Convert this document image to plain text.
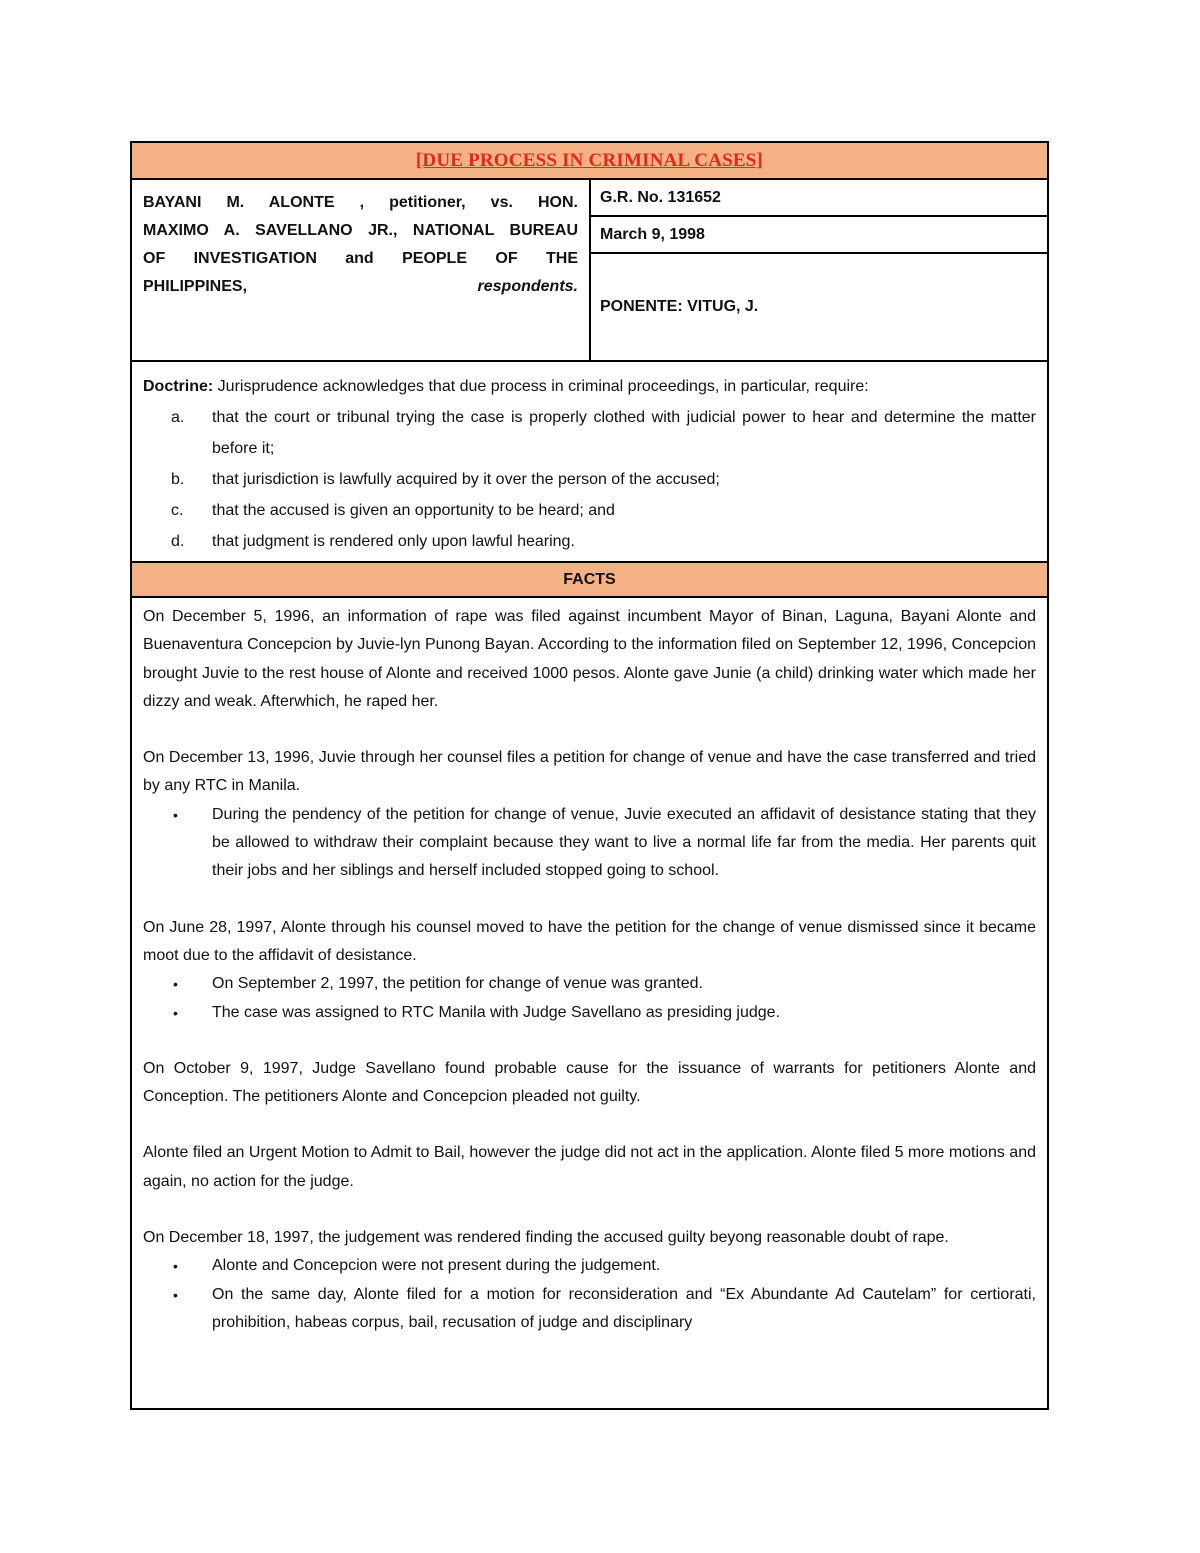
[DUE PROCESS IN CRIMINAL CASES]
BAYANI M. ALONTE , petitioner, vs. HON.
MAXIMO A. SAVELLANO JR., NATIONAL BUREAU
OF INVESTIGATION and PEOPLE OF THE
PHILIPPINES,	respondents.
G.R. No. 131652
March 9, 1998
PONENTE: VITUG, J.
Doctrine: Jurisprudence acknowledges that due process in criminal proceedings, in particular, require:
a.	that the court or tribunal trying the case is properly clothed with judicial power to hear and determine the matter before it;
b.	that jurisdiction is lawfully acquired by it over the person of the accused;
c.	that the accused is given an opportunity to be heard; and
d.	that judgment is rendered only upon lawful hearing.
FACTS

On December 5, 1996, an information of rape was filed against incumbent Mayor of Binan, Laguna, Bayani Alonte and Buenaventura Concepcion by Juvie-lyn Punong Bayan. According to the information filed on September 12, 1996, Concepcion brought Juvie to the rest house of Alonte and received 1000 pesos. Alonte gave Junie (a child) drinking water which made her dizzy and weak. Afterwhich, he raped her.

On December 13, 1996, Juvie through her counsel files a petition for change of venue and have the case transferred and tried by any RTC in Manila.

•	During the pendency of the petition for change of venue, Juvie executed an affidavit of desistance stating that they be allowed to withdraw their complaint because they want to live a normal life far from the media. Her parents quit their jobs and her siblings and herself included stopped going to school.

On June 28, 1997, Alonte through his counsel moved to have the petition for the change of venue dismissed since it became moot due to the affidavit of desistance.

•	On September 2, 1997, the petition for change of venue was granted.
•	The case was assigned to RTC Manila with Judge Savellano as presiding judge.

On October 9, 1997, Judge Savellano found probable cause for the issuance of warrants for petitioners Alonte and Conception. The petitioners Alonte and Concepcion pleaded not guilty.

Alonte filed an Urgent Motion to Admit to Bail, however the judge did not act in the application. Alonte filed 5 more motions and again, no action for the judge.

On December 18, 1997, the judgement was rendered finding the accused guilty beyong reasonable doubt of rape.

•	Alonte and Concepcion were not present during the judgement.
•	On the same day, Alonte filed for a motion for reconsideration and “Ex Abundante Ad Cautelam” for certiorati, prohibition, habeas corpus, bail, recusation of judge and disciplinary
